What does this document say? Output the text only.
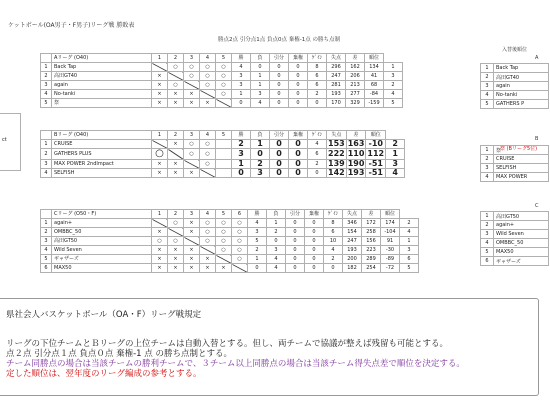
ケットボール(OA男子・F男子)リーグ戦 勝敗表
勝点2点 引分点1点 負点0点 棄権-1点 の勝ち点制
ct
	Aリーグ (O40)	1	2	3	4	5	勝	負	引分	棄権	ｹﾞｲﾝ	失点	差	順位	
1	Back Tap		○	○	○	○	4	0	0	0	8	296	162	134	1
2	高田GT40	×		○	○	○	3	1	0	0	6	247	206	41	3
3	again	×	○		○	○	3	1	0	0	6	281	213	68	2
4	No-tanki	×	×	×		○	1	3	0	0	2	193	277	-84	4
5	祭	×	×	×	×		0	4	0	0	0	170	329	-159	5
	Bリーグ (O40)	1	2	3	4	5	勝	負	引分	棄権	ｹﾞｲﾝ	失点	差	順位	
1	CRUISE		×	○	○		2	1	0	0	4	153	163	-10	2
2	GATHERS PLUS	○		○	○		3	0	0	0	6	222	110	112	1
3	MAX POWER 2ndImpact	×	×		○		1	2	0	0	2	139	190	-51	3
4	SELFISH	×	×	×			0	3	0	0	0	142	193	-51	4
	Cリーグ (O50・F)	1	2	3	4	5	6	勝	負	引分	棄権	ｹﾞｲﾝ	失点	差	順位	
1	again+		○	×	○	○	○	4	1	0	0	8	346	172	174	2
2	OMBBC_50	×		×	○	○	○	3	2	0	0	6	154	258	-104	4
3	高田GT50	○	○		○	○	○	5	0	0	0	10	247	156	91	1
4	Wild Seven	×	×	×		○	○	2	3	0	0	4	193	223	-30	3
5	ギャザーズ	×	×	×	×		○	1	4	0	0	2	200	289	-89	6
6	MAX50	×	×	×	×	×		0	4	0	0	0	182	254	-72	5
入替後順位
A
1	Back Tap
2	高田GT40
3	again
4	No-tanki
5	GATHERS P
B
祭 (Bリーグ5位)
1	祭
2	CRUISE
3	SELFISH
4	MAX POWER
C
1	高田GT50
2	again+
3	Wild Seven
4	OMBBC_50
5	MAX50
6	ギャザーズ
県社会人バスケットボール（OA・F）リーグ戦規定
リーグの下位チームとＢリーグの上位チームは自動入替とする。但し、両チームで協議が整えば残留も可能とする。
点２点 引分点１点 負点０点 棄権-1 点 の勝ち点制とする。
チーム同勝点の場合は当該チームの勝利チームで、３チーム以上同勝点の場合は当該チーム得失点差で順位を決定する。
定した順位は、翌年度のリーグ編成の参考とする。
